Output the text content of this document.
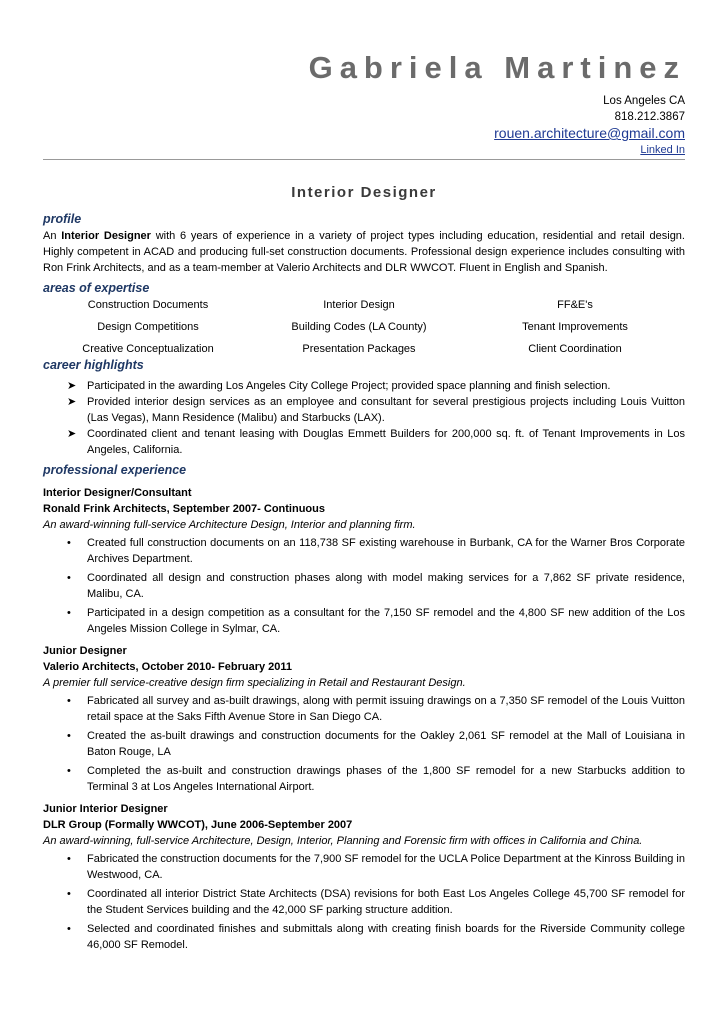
Gabriela Martinez
Los Angeles CA
818.212.3867
rouen.architecture@gmail.com
Linked In
Interior Designer
profile
An Interior Designer with 6 years of experience in a variety of project types including education, residential and retail design. Highly competent in ACAD and producing full-set construction documents. Professional design experience includes consulting with Ron Frink Architects, and as a team-member at Valerio Architects and DLR WWCOT. Fluent in English and Spanish.
areas of expertise
Construction Documents	Interior Design	FF&E's
Design Competitions	Building Codes (LA County)	Tenant Improvements
Creative Conceptualization	Presentation Packages	Client Coordination
career highlights
➤ Participated in the awarding Los Angeles City College Project; provided space planning and finish selection.
➤ Provided interior design services as an employee and consultant for several prestigious projects including Louis Vuitton (Las Vegas), Mann Residence (Malibu) and Starbucks (LAX).
➤ Coordinated client and tenant leasing with Douglas Emmett Builders for 200,000 sq. ft. of Tenant Improvements in Los Angeles, California.
professional experience
Interior Designer/Consultant
Ronald Frink Architects, September 2007- Continuous
An award-winning full-service Architecture Design, Interior and planning firm.
• Created full construction documents on an 118,738 SF existing warehouse in Burbank, CA for the Warner Bros Corporate Archives Department.
• Coordinated all design and construction phases along with model making services for a 7,862 SF private residence, Malibu, CA.
• Participated in a design competition as a consultant for the 7,150 SF remodel and the 4,800 SF new addition of the Los Angeles Mission College in Sylmar, CA.
Junior Designer
Valerio Architects, October 2010- February 2011
A premier full service-creative design firm specializing in Retail and Restaurant Design.
• Fabricated all survey and as-built drawings, along with permit issuing drawings on a 7,350 SF remodel of the Louis Vuitton retail space at the Saks Fifth Avenue Store in San Diego CA.
• Created the as-built drawings and construction documents for the Oakley 2,061 SF remodel at the Mall of Louisiana in Baton Rouge, LA
• Completed the as-built and construction drawings phases of the 1,800 SF remodel for a new Starbucks addition to Terminal 3 at Los Angeles International Airport.
Junior Interior Designer
DLR Group (Formally WWCOT), June 2006-September 2007
An award-winning, full-service Architecture, Design, Interior, Planning and Forensic firm with offices in California and China.
• Fabricated the construction documents for the 7,900 SF remodel for the UCLA Police Department at the Kinross Building in Westwood, CA.
• Coordinated all interior District State Architects (DSA) revisions for both East Los Angeles College 45,700 SF remodel for the Student Services building and the 42,000 SF parking structure addition.
• Selected and coordinated finishes and submittals along with creating finish boards for the Riverside Community college 46,000 SF Remodel.
